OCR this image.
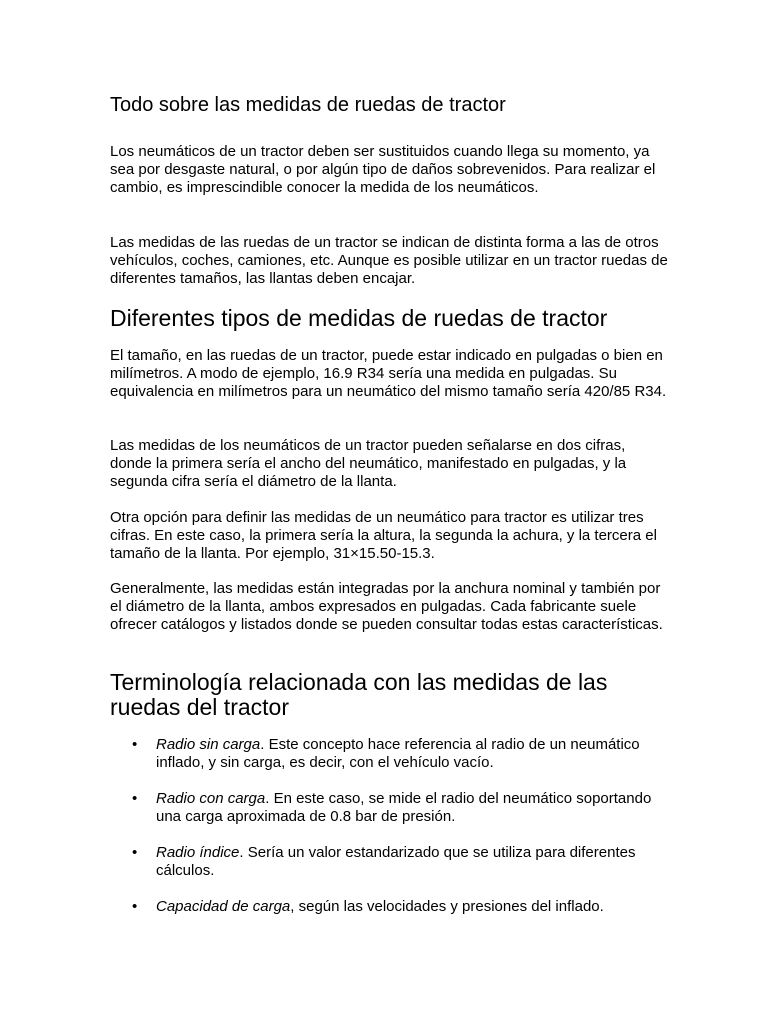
Todo sobre las medidas de ruedas de tractor

Los neumáticos de un tractor deben ser sustituidos cuando llega su momento, ya sea por desgaste natural, o por algún tipo de daños sobrevenidos. Para realizar el cambio, es imprescindible conocer la medida de los neumáticos.

Las medidas de las ruedas de un tractor se indican de distinta forma a las de otros vehículos, coches, camiones, etc. Aunque es posible utilizar en un tractor ruedas de diferentes tamaños, las llantas deben encajar.

Diferentes tipos de medidas de ruedas de tractor

El tamaño, en las ruedas de un tractor, puede estar indicado en pulgadas o bien en milímetros. A modo de ejemplo, 16.9 R34 sería una medida en pulgadas. Su equivalencia en milímetros para un neumático del mismo tamaño sería 420/85 R34.

Las medidas de los neumáticos de un tractor pueden señalarse en dos cifras, donde la primera sería el ancho del neumático, manifestado en pulgadas, y la segunda cifra sería el diámetro de la llanta.

Otra opción para definir las medidas de un neumático para tractor es utilizar tres cifras. En este caso, la primera sería la altura, la segunda la achura, y la tercera el tamaño de la llanta. Por ejemplo, 31×15.50-15.3.

Generalmente, las medidas están integradas por la anchura nominal y también por el diámetro de la llanta, ambos expresados en pulgadas. Cada fabricante suele ofrecer catálogos y listados donde se pueden consultar todas estas características.

Terminología relacionada con las medidas de las ruedas del tractor
• Radio sin carga. Este concepto hace referencia al radio de un neumático inflado, y sin carga, es decir, con el vehículo vacío.
• Radio con carga. En este caso, se mide el radio del neumático soportando una carga aproximada de 0.8 bar de presión.
• Radio índice. Sería un valor estandarizado que se utiliza para diferentes cálculos.
• Capacidad de carga, según las velocidades y presiones del inflado.
